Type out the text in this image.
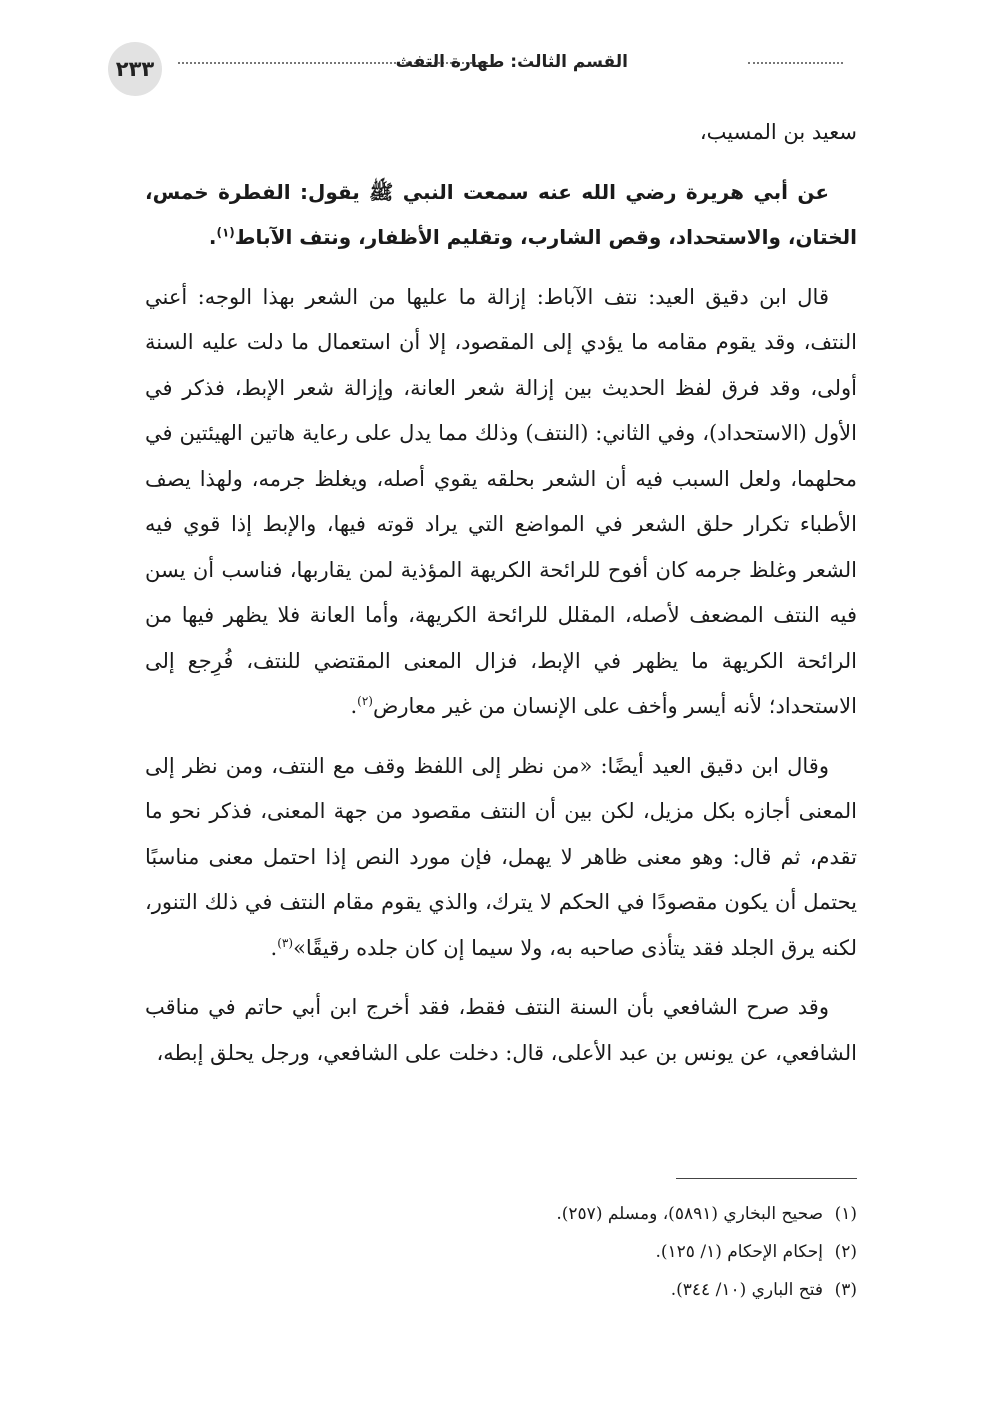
٢٣٣	القسم الثالث: طهارة التفث

سعيد بن المسيب،

عن أبي هريرة رضي الله عنه سمعت النبي ﷺ يقول: الفطرة خمس، الختان، والاستحداد، وقص الشارب، وتقليم الأظفار، ونتف الآباط$^{(١)}$.

قال ابن دقيق العيد: نتف الآباط: إزالة ما عليها من الشعر بهذا الوجه: أعني النتف، وقد يقوم مقامه ما يؤدي إلى المقصود، إلا أن استعمال ما دلت عليه السنة أولى، وقد فرق لفظ الحديث بين إزالة شعر العانة، وإزالة شعر الإبط، فذكر في الأول (الاستحداد)، وفي الثاني: (النتف) وذلك مما يدل على رعاية هاتين الهيئتين في محلهما، ولعل السبب فيه أن الشعر بحلقه يقوي أصله، ويغلظ جرمه، ولهذا يصف الأطباء تكرار حلق الشعر في المواضع التي يراد قوته فيها، والإبط إذا قوي فيه الشعر وغلظ جرمه كان أفوح للرائحة الكريهة المؤذية لمن يقاربها، فناسب أن يسن فيه النتف المضعف لأصله، المقلل للرائحة الكريهة، وأما العانة فلا يظهر فيها من الرائحة الكريهة ما يظهر في الإبط، فزال المعنى المقتضي للنتف، فُرِجع إلى الاستحداد؛ لأنه أيسر وأخف على الإنسان من غير معارض$^{(٢)}$.

وقال ابن دقيق العيد أيضًا: «من نظر إلى اللفظ وقف مع النتف، ومن نظر إلى المعنى أجازه بكل مزيل، لكن بين أن النتف مقصود من جهة المعنى، فذكر نحو ما تقدم، ثم قال: وهو معنى ظاهر لا يهمل، فإن مورد النص إذا احتمل معنى مناسبًا يحتمل أن يكون مقصودًا في الحكم لا يترك، والذي يقوم مقام النتف في ذلك التنور، لكنه يرق الجلد فقد يتأذى صاحبه به، ولا سيما إن كان جلده رقيقًا»$^{(٣)}$.

وقد صرح الشافعي بأن السنة النتف فقط، فقد أخرج ابن أبي حاتم في مناقب الشافعي، عن يونس بن عبد الأعلى، قال: دخلت على الشافعي، ورجل يحلق إبطه،

(١)صحيح البخاري (٥٨٩١)، ومسلم (٢٥٧).
(٢)إحكام الإحكام (١/ ١٢٥).
(٣)فتح الباري (١٠/ ٣٤٤).
